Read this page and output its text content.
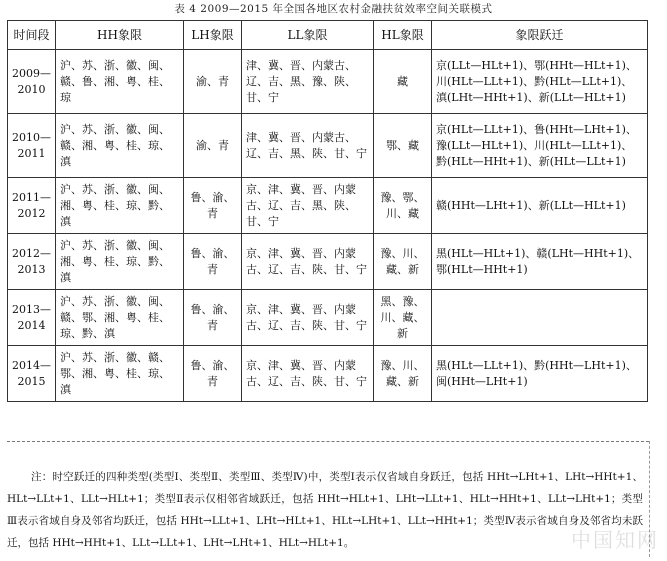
表 4 2009—2015 年全国各地区农村金融扶贫效率空间关联模式
时间段	HH象限	LH象限	LL象限	HL象限	象限跃迁
2009—2010	沪、苏、浙、徽、闽、赣、鲁、湘、粤、桂、琼	渝、青	津、冀、晋、内蒙古、辽、吉、黑、豫、陕、甘、宁	藏	京(LLt—HLt+1)、鄂(HHt—HLt+1)、川(HLt—LLt+1)、黔(HLt—LLt+1)、滇(LHt—HHt+1)、新(LLt—HLt+1)
2010—2011	沪、苏、浙、徽、闽、赣、湘、粤、桂、琼、滇	渝、青	津、冀、晋、内蒙古、辽、吉、黑、陕、甘、宁	鄂、藏	京(HLt—LLt+1)、鲁(HHt—LHt+1)、豫(LLt—HLt+1)、川(HLt—LLt+1)、黔(HLt—HHt+1)、新(HLt—LLt+1)
2011—2012	沪、苏、浙、徽、闽、湘、粤、桂、琼、黔、滇	鲁、渝、青	京、津、冀、晋、内蒙古、辽、吉、黑、陕、甘、宁	豫、鄂、川、藏	赣(HHt—LHt+1)、新(LLt—HLt+1)
2012—2013	沪、苏、浙、徽、闽、湘、粤、桂、琼、黔、滇	鲁、渝、青	京、津、冀、晋、内蒙古、辽、吉、陕、甘、宁	豫、川、藏、新	黑(HLt—HLt+1)、赣(LHt—HHt+1)、鄂(HLt—HHt+1)
2013—2014	沪、苏、浙、徽、闽、赣、鄂、湘、粤、桂、琼、黔、滇	鲁、渝、青	京、津、冀、晋、内蒙古、辽、吉、陕、甘、宁	黑、豫、川、藏、新	
2014—2015	沪、苏、浙、徽、赣、鄂、湘、粤、桂、琼、滇	鲁、渝、青	京、津、冀、晋、内蒙古、辽、吉、陕、甘、宁	豫、川、藏、新	黑(HLt—LLt+1)、黔(HHt—LHt+1)、闽(HHt—LHt+1)
注：时空跃迁的四种类型(类型Ⅰ、类型Ⅱ、类型Ⅲ、类型Ⅳ)中，类型Ⅰ表示仅省域自身跃迁，包括 HHt→LHt+1、LHt→HHt+1、HLt→LLt+1、LLt→HLt+1；类型Ⅱ表示仅相邻省域跃迁，包括 HHt→HLt+1、LHt→LLt+1、HLt→HHt+1、LLt→LHt+1；类型Ⅲ表示省域自身及邻省均跃迁，包括 HHt→LLt+1、LHt→HLt+1、HLt→LHt+1、LLt→HHt+1；类型Ⅳ表示省域自身及邻省均未跃迁，包括 HHt→HHt+1、LLt→LLt+1、LHt→LHt+1、HLt→HLt+1。	中国知网
